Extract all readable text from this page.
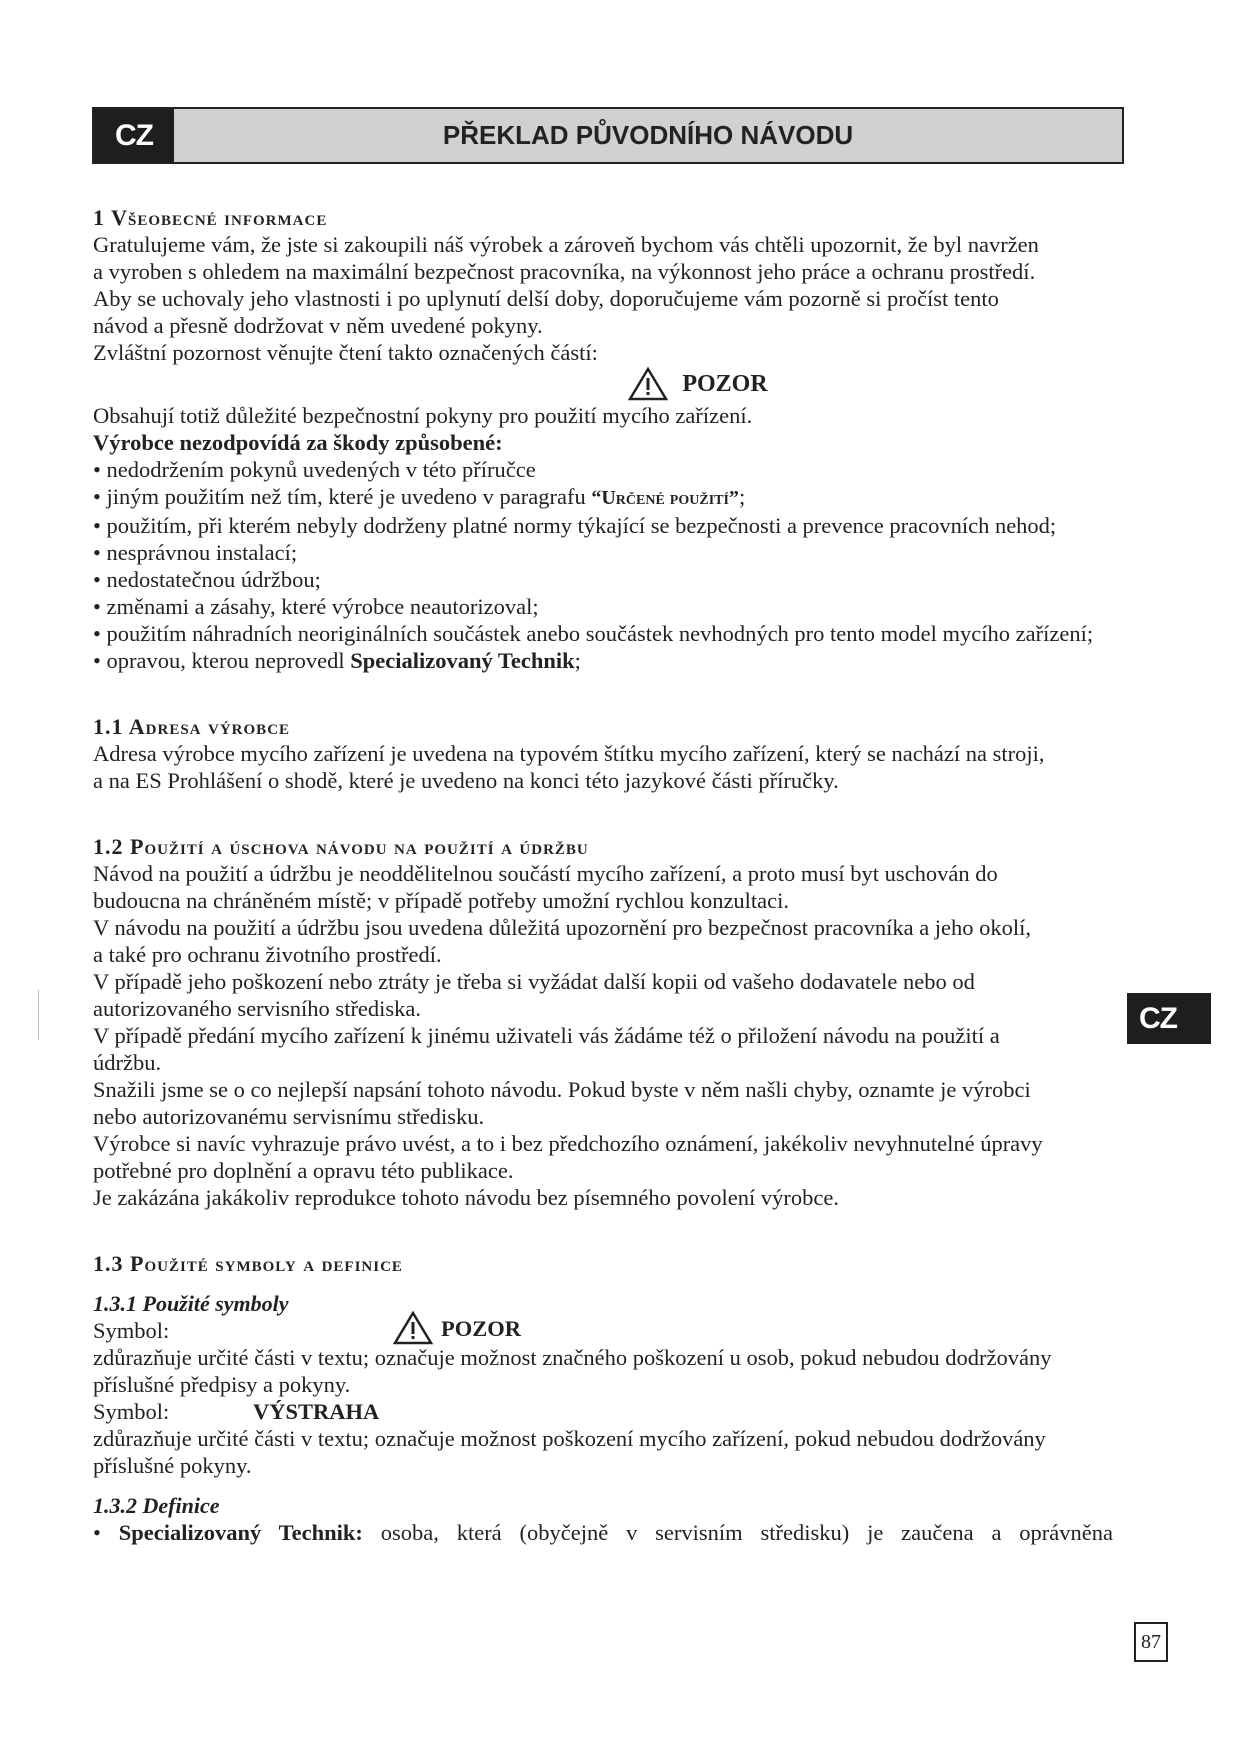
CZ	PŘEKLAD PŮVODNÍHO NÁVODU
1 Všeobecné informace

Gratulujeme vám, že jste si zakoupili náš výrobek a zároveň bychom vás chtěli upozornit, že byl navržen

a vyroben s ohledem na maximální bezpečnost pracovníka, na výkonnost jeho práce a ochranu prostředí.

Aby se uchovaly jeho vlastnosti i po uplynutí delší doby, doporučujeme vám pozorně si pročíst tento

návod a přesně dodržovat v něm uvedené pokyny.

Zvláštní pozornost věnujte čtení takto označených částí:

POZOR

Obsahují totiž důležité bezpečnostní pokyny pro použití mycího zařízení.

Výrobce nezodpovídá za škody způsobené:

• nedodržením pokynů uvedených v této příručce
• jiným použitím než tím, které je uvedeno v paragrafu “Určené použití”;
• použitím, při kterém nebyly dodrženy platné normy týkající se bezpečnosti a prevence pracovních nehod;
• nesprávnou instalací;
• nedostatečnou údržbou;
• změnami a zásahy, které výrobce neautorizoval;
• použitím náhradních neoriginálních součástek anebo součástek nevhodných pro tento model mycího zařízení;
• opravou, kterou neprovedl Specializovaný Technik;
1.1 Adresa výrobce

Adresa výrobce mycího zařízení je uvedena na typovém štítku mycího zařízení, který se nachází na stroji,

a na ES Prohlášení o shodě, které je uvedeno na konci této jazykové části příručky.

1.2 Použití a úschova návodu na použití a údržbu

Návod na použití a údržbu je neoddělitelnou součástí mycího zařízení, a proto musí byt uschován do

budoucna na chráněném místě; v případě potřeby umožní rychlou konzultaci.

V návodu na použití a údržbu jsou uvedena důležitá upozornění pro bezpečnost pracovníka a jeho okolí,

a také pro ochranu životního prostředí.

V případě jeho poškození nebo ztráty je třeba si vyžádat další kopii od vašeho dodavatele nebo od

autorizovaného servisního střediska.

V případě předání mycího zařízení k jinému uživateli vás žádáme též o přiložení návodu na použití a

údržbu.

Snažili jsme se o co nejlepší napsání tohoto návodu. Pokud byste v něm našli chyby, oznamte je výrobci

nebo autorizovanému servisnímu středisku.

Výrobce si navíc vyhrazuje právo uvést, a to i bez předchozího oznámení, jakékoliv nevyhnutelné úpravy

potřebné pro doplnění a opravu této publikace.

Je zakázána jakákoliv reprodukce tohoto návodu bez písemného povolení výrobce.

1.3 Použité symboly a definice
1.3.1 Použité symboly
Symbol:	POZOR

zdůrazňuje určité části v textu; označuje možnost značného poškození u osob, pokud nebudou dodržovány

příslušné předpisy a pokyny.

Symbol:	VÝSTRAHA

zdůrazňuje určité části v textu; označuje možnost poškození mycího zařízení, pokud nebudou dodržovány

příslušné pokyny.

1.3.2 Definice

• Specializovaný Technik: osoba, která (obyčejně v servisním středisku) je zaučena a oprávněna

CZ
87
